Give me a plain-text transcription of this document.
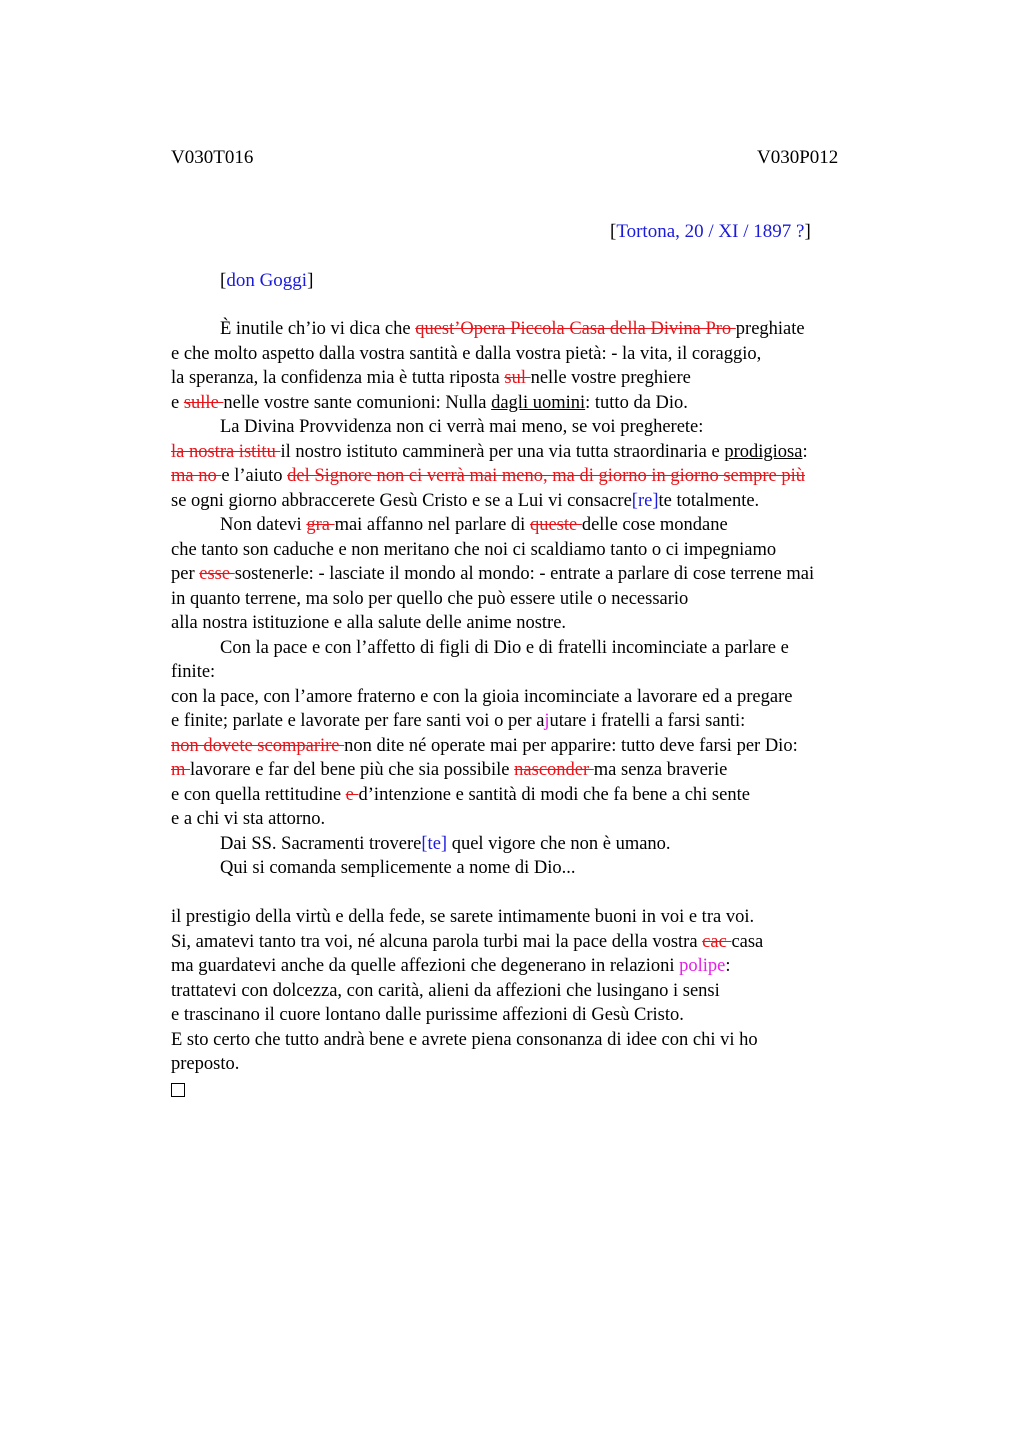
V030T016	V030P012
[Tortona, 20 / XI / 1897 ?]
[don Goggi]
È inutile ch’io vi dica che quest’Opera Piccola Casa della Divina Pro preghiate
e che molto aspetto dalla vostra santità e dalla vostra pietà: - la vita, il coraggio,
la speranza, la confidenza mia è tutta riposta sul nelle vostre preghiere
e sulle nelle vostre sante comunioni: Nulla dagli uomini: tutto da Dio.
La Divina Provvidenza non ci verrà mai meno, se voi pregherete:
la nostra istitu il nostro istituto camminerà per una via tutta straordinaria e prodigiosa:
ma no e l’aiuto del Signore non ci verrà mai meno, ma di giorno in giorno sempre più
se ogni giorno abbraccerete Gesù Cristo e se a Lui vi consacre[re]te totalmente.
Non datevi gra mai affanno nel parlare di queste delle cose mondane
che tanto son caduche e non meritano che noi ci scaldiamo tanto o ci impegniamo
per esse sostenerle: - lasciate il mondo al mondo: - entrate a parlare di cose terrene mai
in quanto terrene, ma solo per quello che può essere utile o necessario
alla nostra istituzione e alla salute delle anime nostre.
Con la pace e con l’affetto di figli di Dio e di fratelli incominciate a parlare e
finite:
con la pace, con l’amore fraterno e con la gioia incominciate a lavorare ed a pregare
e finite; parlate e lavorate per fare santi voi o per ajutare i fratelli a farsi santi:
non dovete scomparire non dite né operate mai per apparire: tutto deve farsi per Dio:
m lavorare e far del bene più che sia possibile nasconder ma senza braverie
e con quella rettitudine e d’intenzione e santità di modi che fa bene a chi sente
e a chi vi sta attorno.
Dai SS. Sacramenti trovere[te] quel vigore che non è umano.
Qui si comanda semplicemente a nome di Dio...
il prestigio della virtù e della fede, se sarete intimamente buoni in voi e tra voi.
Si, amatevi tanto tra voi, né alcuna parola turbi mai la pace della vostra cac casa
ma guardatevi anche da quelle affezioni che degenerano in relazioni polipe:
trattatevi con dolcezza, con carità, alieni da affezioni che lusingano i sensi
e trascinano il cuore lontano dalle purissime affezioni di Gesù Cristo.
E sto certo che tutto andrà bene e avrete piena consonanza di idee con chi vi ho
preposto.
